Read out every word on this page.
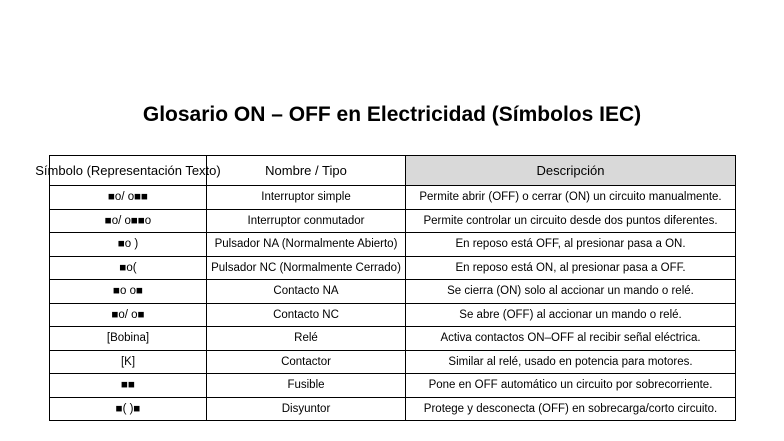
Glosario ON – OFF en Electricidad (Símbolos IEC)
Símbolo (Representación Texto)	Nombre / Tipo	Descripción
■o/ o■■	Interruptor simple	Permite abrir (OFF) o cerrar (ON) un circuito manualmente.
■o/ o■■o	Interruptor conmutador	Permite controlar un circuito desde dos puntos diferentes.
■o )	Pulsador NA (Normalmente Abierto)	En reposo está OFF, al presionar pasa a ON.
■o(	Pulsador NC (Normalmente Cerrado)	En reposo está ON, al presionar pasa a OFF.
■o o■	Contacto NA	Se cierra (ON) solo al accionar un mando o relé.
■o/ o■	Contacto NC	Se abre (OFF) al accionar un mando o relé.
[Bobina]	Relé	Activa contactos ON–OFF al recibir señal eléctrica.
[K]	Contactor	Similar al relé, usado en potencia para motores.
■■	Fusible	Pone en OFF automático un circuito por sobrecorriente.
■( )■	Disyuntor	Protege y desconecta (OFF) en sobrecarga/corto circuito.
